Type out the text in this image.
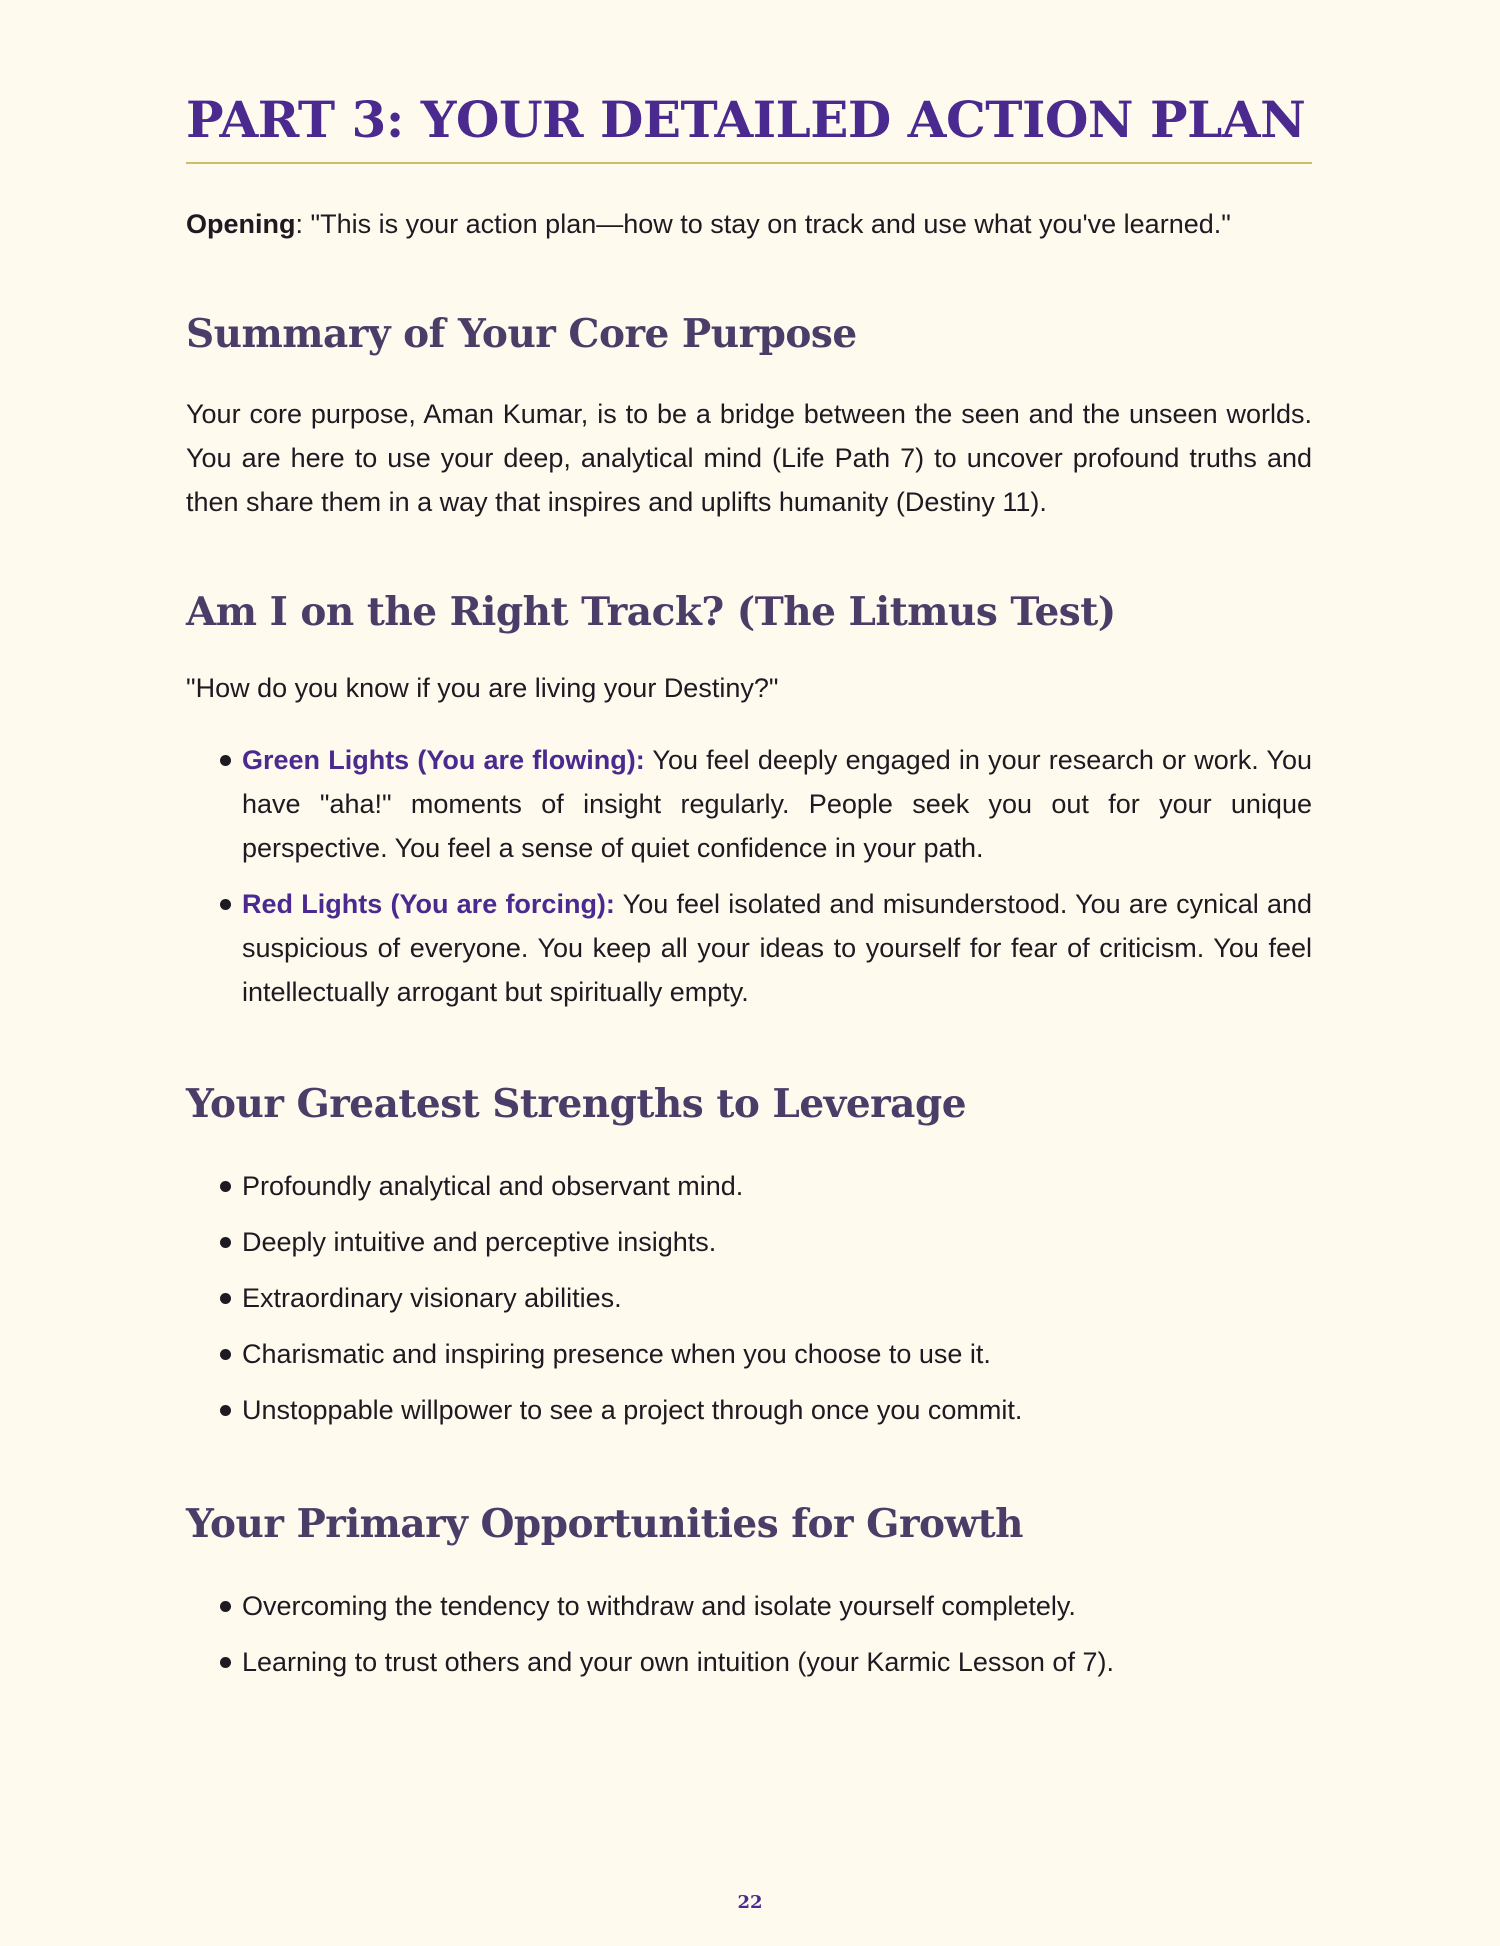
PART 3: YOUR DETAILED ACTION PLAN

Opening: "This is your action plan—how to stay on track and use what you've learned."

Summary of Your Core Purpose

Your core purpose, Aman Kumar, is to be a bridge between the seen and the unseen worlds. You are here to use your deep, analytical mind (Life Path 7) to uncover profound truths and then share them in a way that inspires and uplifts humanity (Destiny 11).

Am I on the Right Track? (The Litmus Test)

"How do you know if you are living your Destiny?"

Green Lights (You are flowing): You feel deeply engaged in your research or work. You have "aha!" moments of insight regularly. People seek you out for your unique perspective. You feel a sense of quiet confidence in your path.
Red Lights (You are forcing): You feel isolated and misunderstood. You are cynical and suspicious of everyone. You keep all your ideas to yourself for fear of criticism. You feel intellectually arrogant but spiritually empty.
Your Greatest Strengths to Leverage
Profoundly analytical and observant mind.
Deeply intuitive and perceptive insights.
Extraordinary visionary abilities.
Charismatic and inspiring presence when you choose to use it.
Unstoppable willpower to see a project through once you commit.
Your Primary Opportunities for Growth
Overcoming the tendency to withdraw and isolate yourself completely.
Learning to trust others and your own intuition (your Karmic Lesson of 7).
22
